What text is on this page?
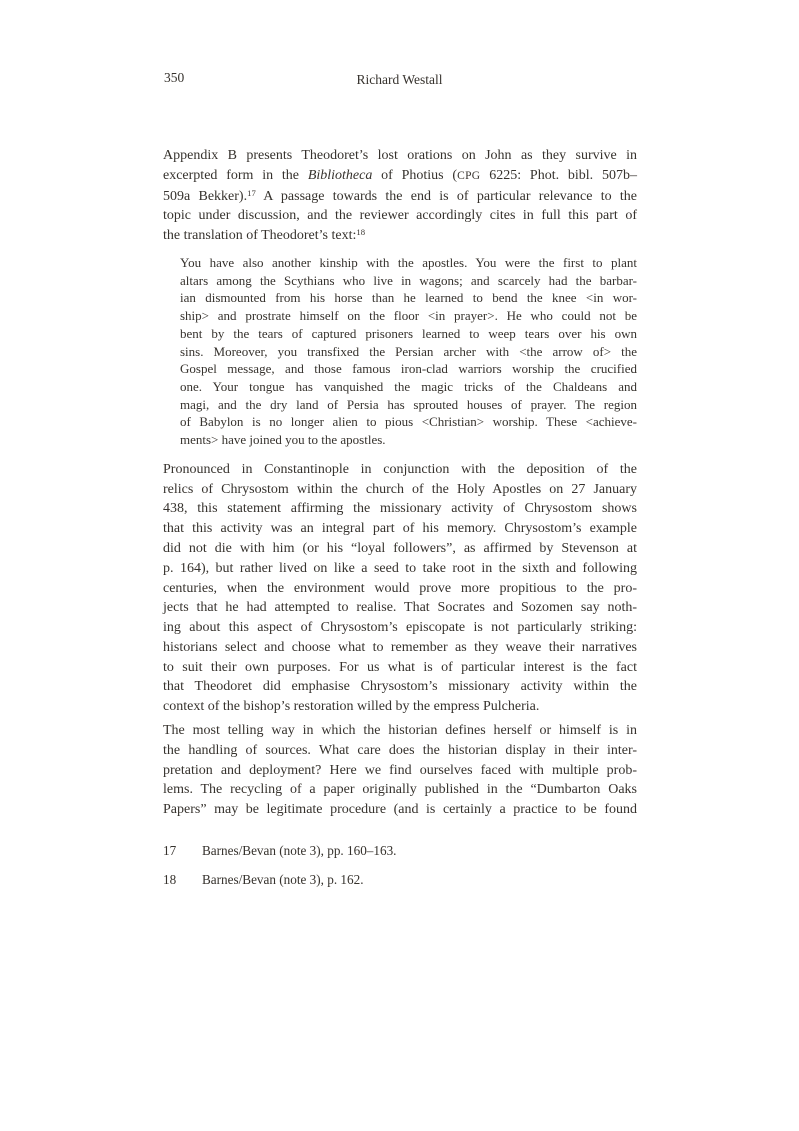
350	Richard Westall
Appendix B presents Theodoret’s lost orations on John as they survive in
excerpted form in the Bibliotheca of Photius (CPG 6225: Phot. bibl. 507b–
509a Bekker).$^{17}$ A passage towards the end is of particular relevance to the
topic under discussion, and the reviewer accordingly cites in full this part of
the translation of Theodoret’s text:$^{18}$
You have also another kinship with the apostles. You were the first to plant
altars among the Scythians who live in wagons; and scarcely had the barbar-
ian dismounted from his horse than he learned to bend the knee <in wor-
ship> and prostrate himself on the floor <in prayer>. He who could not be
bent by the tears of captured prisoners learned to weep tears over his own
sins. Moreover, you transfixed the Persian archer with <the arrow of> the
Gospel message, and those famous iron-clad warriors worship the crucified
one. Your tongue has vanquished the magic tricks of the Chaldeans and
magi, and the dry land of Persia has sprouted houses of prayer. The region
of Babylon is no longer alien to pious <Christian> worship. These <achieve-
ments> have joined you to the apostles.
Pronounced in Constantinople in conjunction with the deposition of the
relics of Chrysostom within the church of the Holy Apostles on 27 January
438, this statement affirming the missionary activity of Chrysostom shows
that this activity was an integral part of his memory. Chrysostom’s example
did not die with him (or his “loyal followers”, as affirmed by Stevenson at
p. 164), but rather lived on like a seed to take root in the sixth and following
centuries, when the environment would prove more propitious to the pro-
jects that he had attempted to realise. That Socrates and Sozomen say noth-
ing about this aspect of Chrysostom’s episcopate is not particularly striking:
historians select and choose what to remember as they weave their narratives
to suit their own purposes. For us what is of particular interest is the fact
that Theodoret did emphasise Chrysostom’s missionary activity within the
context of the bishop’s restoration willed by the empress Pulcheria.
The most telling way in which the historian defines herself or himself is in
the handling of sources. What care does the historian display in their inter-
pretation and deployment? Here we find ourselves faced with multiple prob-
lems. The recycling of a paper originally published in the “Dumbarton Oaks
Papers” may be legitimate procedure (and is certainly a practice to be found
17	Barnes/Bevan (note 3), pp. 160–163.
18	Barnes/Bevan (note 3), p. 162.
